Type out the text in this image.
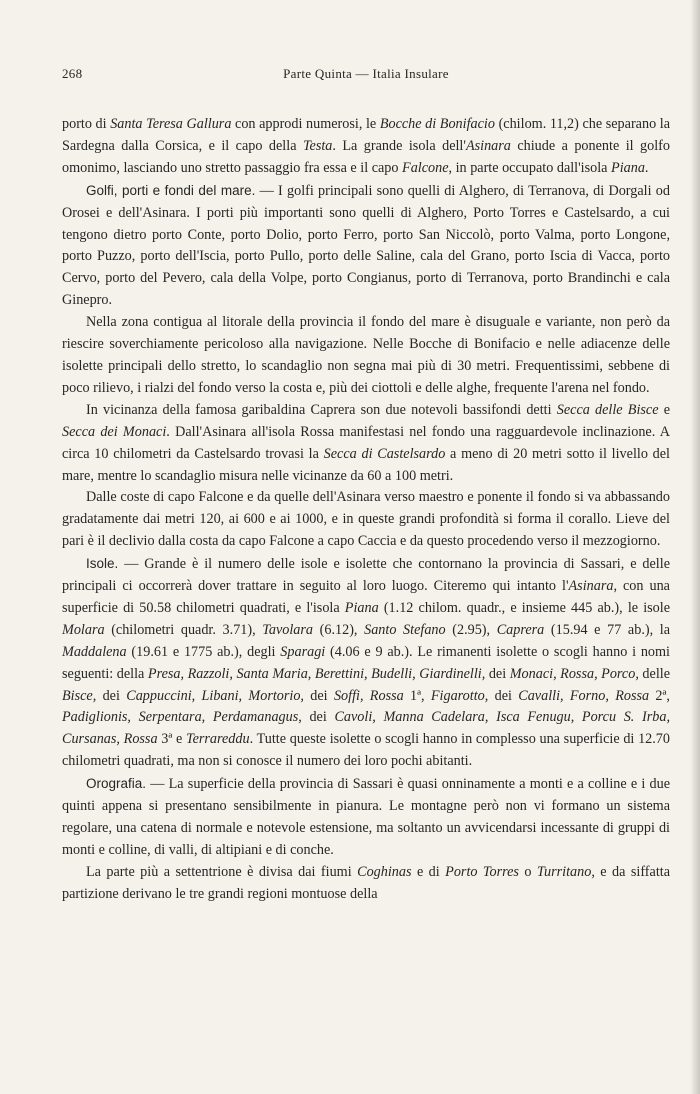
268	Parte Quinta — Italia Insulare

porto di Santa Teresa Gallura con approdi numerosi, le Bocche di Bonifacio (chilom. 11,2) che separano la Sardegna dalla Corsica, e il capo della Testa. La grande isola dell'Asinara chiude a ponente il golfo omonimo, lasciando uno stretto passaggio fra essa e il capo Falcone, in parte occupato dall'isola Piana.

Golfi, porti e fondi del mare. — I golfi principali sono quelli di Alghero, di Terranova, di Dorgali od Orosei e dell'Asinara. I porti più importanti sono quelli di Alghero, Porto Torres e Castelsardo, a cui tengono dietro porto Conte, porto Dolio, porto Ferro, porto San Niccolò, porto Valma, porto Longone, porto Puzzo, porto dell'Iscia, porto Pullo, porto delle Saline, cala del Grano, porto Iscia di Vacca, porto Cervo, porto del Pevero, cala della Volpe, porto Congianus, porto di Terranova, porto Brandinchi e cala Ginepro.

Nella zona contigua al litorale della provincia il fondo del mare è disuguale e variante, non però da riescire soverchiamente pericoloso alla navigazione. Nelle Bocche di Bonifacio e nelle adiacenze delle isolette principali dello stretto, lo scandaglio non segna mai più di 30 metri. Frequentissimi, sebbene di poco rilievo, i rialzi del fondo verso la costa e, più dei ciottoli e delle alghe, frequente l'arena nel fondo.

In vicinanza della famosa garibaldina Caprera son due notevoli bassifondi detti Secca delle Bisce e Secca dei Monaci. Dall'Asinara all'isola Rossa manifestasi nel fondo una ragguardevole inclinazione. A circa 10 chilometri da Castelsardo trovasi la Secca di Castelsardo a meno di 20 metri sotto il livello del mare, mentre lo scandaglio misura nelle vicinanze da 60 a 100 metri.

Dalle coste di capo Falcone e da quelle dell'Asinara verso maestro e ponente il fondo si va abbassando gradatamente dai metri 120, ai 600 e ai 1000, e in queste grandi profondità si forma il corallo. Lieve del pari è il declivio dalla costa da capo Falcone a capo Caccia e da questo procedendo verso il mezzogiorno.

Isole. — Grande è il numero delle isole e isolette che contornano la provincia di Sassari, e delle principali ci occorrerà dover trattare in seguito al loro luogo. Citeremo qui intanto l'Asinara, con una superficie di 50.58 chilometri quadrati, e l'isola Piana (1.12 chilom. quadr., e insieme 445 ab.), le isole Molara (chilometri quadr. 3.71), Tavolara (6.12), Santo Stefano (2.95), Caprera (15.94 e 77 ab.), la Maddalena (19.61 e 1775 ab.), degli Sparagi (4.06 e 9 ab.). Le rimanenti isolette o scogli hanno i nomi seguenti: della Presa, Razzoli, Santa Maria, Berettini, Budelli, Giardinelli, dei Monaci, Rossa, Porco, delle Bisce, dei Cappuccini, Libani, Mortorio, dei Soffi, Rossa 1ª, Figarotto, dei Cavalli, Forno, Rossa 2ª, Padiglionis, Serpentara, Perdamanagus, dei Cavoli, Manna Cadelara, Isca Fenugu, Porcu S. Irba, Cursanas, Rossa 3ª e Terrareddu. Tutte queste isolette o scogli hanno in complesso una superficie di 12.70 chilometri quadrati, ma non si conosce il numero dei loro pochi abitanti.

Orografia. — La superficie della provincia di Sassari è quasi onninamente a monti e a colline e i due quinti appena si presentano sensibilmente in pianura. Le montagne però non vi formano un sistema regolare, una catena di normale e notevole estensione, ma soltanto un avvicendarsi incessante di gruppi di monti e colline, di valli, di altipiani e di conche.

La parte più a settentrione è divisa dai fiumi Coghinas e di Porto Torres o Turritano, e da siffatta partizione derivano le tre grandi regioni montuose della
